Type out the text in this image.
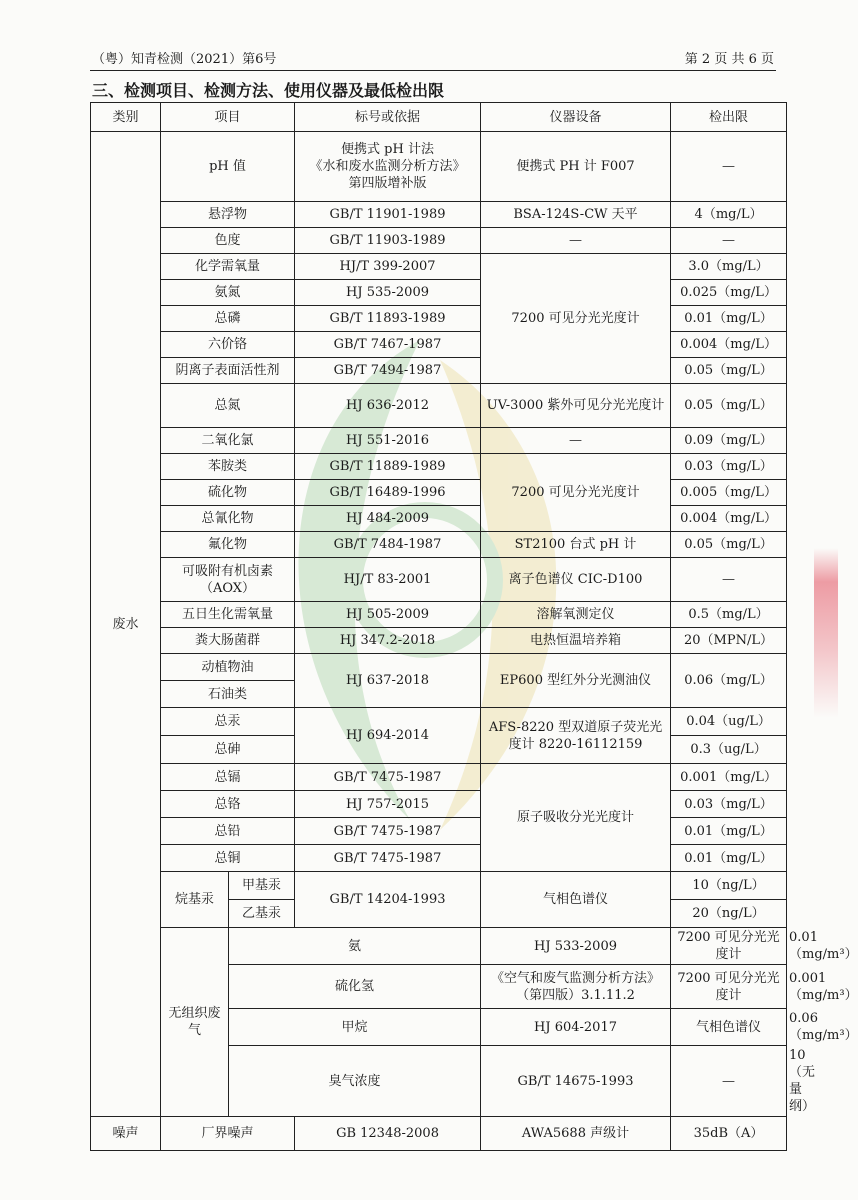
（粤）知青检测（2021）第6号	第 2 页 共 6 页
三、检测项目、检测方法、使用仪器及最低检出限
类别	项目		标号或依据	仪器设备	检出限	
废水	pH 值		便携式 pH 计法
《水和废水监测分析方法》
第四版增补版	便携式 PH 计 F007	—	
	悬浮物		GB/T 11901-1989	BSA-124S-CW 天平	4（mg/L）	
	色度		GB/T 11903-1989	—	—	
	化学需氧量		HJ/T 399-2007	7200 可见分光光度计	3.0（mg/L）	
	氨氮		HJ 535-2009		0.025（mg/L）	
	总磷		GB/T 11893-1989		0.01（mg/L）	
	六价铬		GB/T 7467-1987		0.004（mg/L）	
	阴离子表面活性剂		GB/T 7494-1987		0.05（mg/L）	
	总氮		HJ 636-2012	UV-3000 紫外可见分光光度计	0.05（mg/L）	
	二氧化氯		HJ 551-2016	—	0.09（mg/L）	
	苯胺类		GB/T 11889-1989	7200 可见分光光度计	0.03（mg/L）	
	硫化物		GB/T 16489-1996		0.005（mg/L）	
	总氰化物		HJ 484-2009		0.004（mg/L）	
	氟化物		GB/T 7484-1987	ST2100 台式 pH 计	0.05（mg/L）	
	可吸附有机卤素（AOX）		HJ/T 83-2001	离子色谱仪 CIC-D100	—	
	五日生化需氧量		HJ 505-2009	溶解氧测定仪	0.5（mg/L）	
	粪大肠菌群		HJ 347.2-2018	电热恒温培养箱	20（MPN/L）	
	动植物油		HJ 637-2018	EP600 型红外分光测油仪	0.06（mg/L）	
	石油类					
	总汞		HJ 694-2014	AFS-8220 型双道原子荧光光度计 8220-16112159	0.04（ug/L）	
	总砷				0.3（ug/L）	
	总镉		GB/T 7475-1987	原子吸收分光光度计	0.001（mg/L）	
	总铬		HJ 757-2015		0.03（mg/L）	
	总铅		GB/T 7475-1987		0.01（mg/L）	
	总铜		GB/T 7475-1987		0.01（mg/L）	
	烷基汞	甲基汞	GB/T 14204-1993	气相色谱仪	10（ng/L）	
		乙基汞			20（ng/L）	
	无组织废气	氨		HJ 533-2009	7200 可见分光光度计	0.01（mg/m³）
		硫化氢		《空气和废气监测分析方法》（第四版）3.1.11.2	7200 可见分光光度计	0.001（mg/m³）
		甲烷		HJ 604-2017	气相色谱仪	0.06（mg/m³）
		臭气浓度		GB/T 14675-1993	—	10（无量纲）
噪声	厂界噪声		GB 12348-2008	AWA5688 声级计	35dB（A）	
